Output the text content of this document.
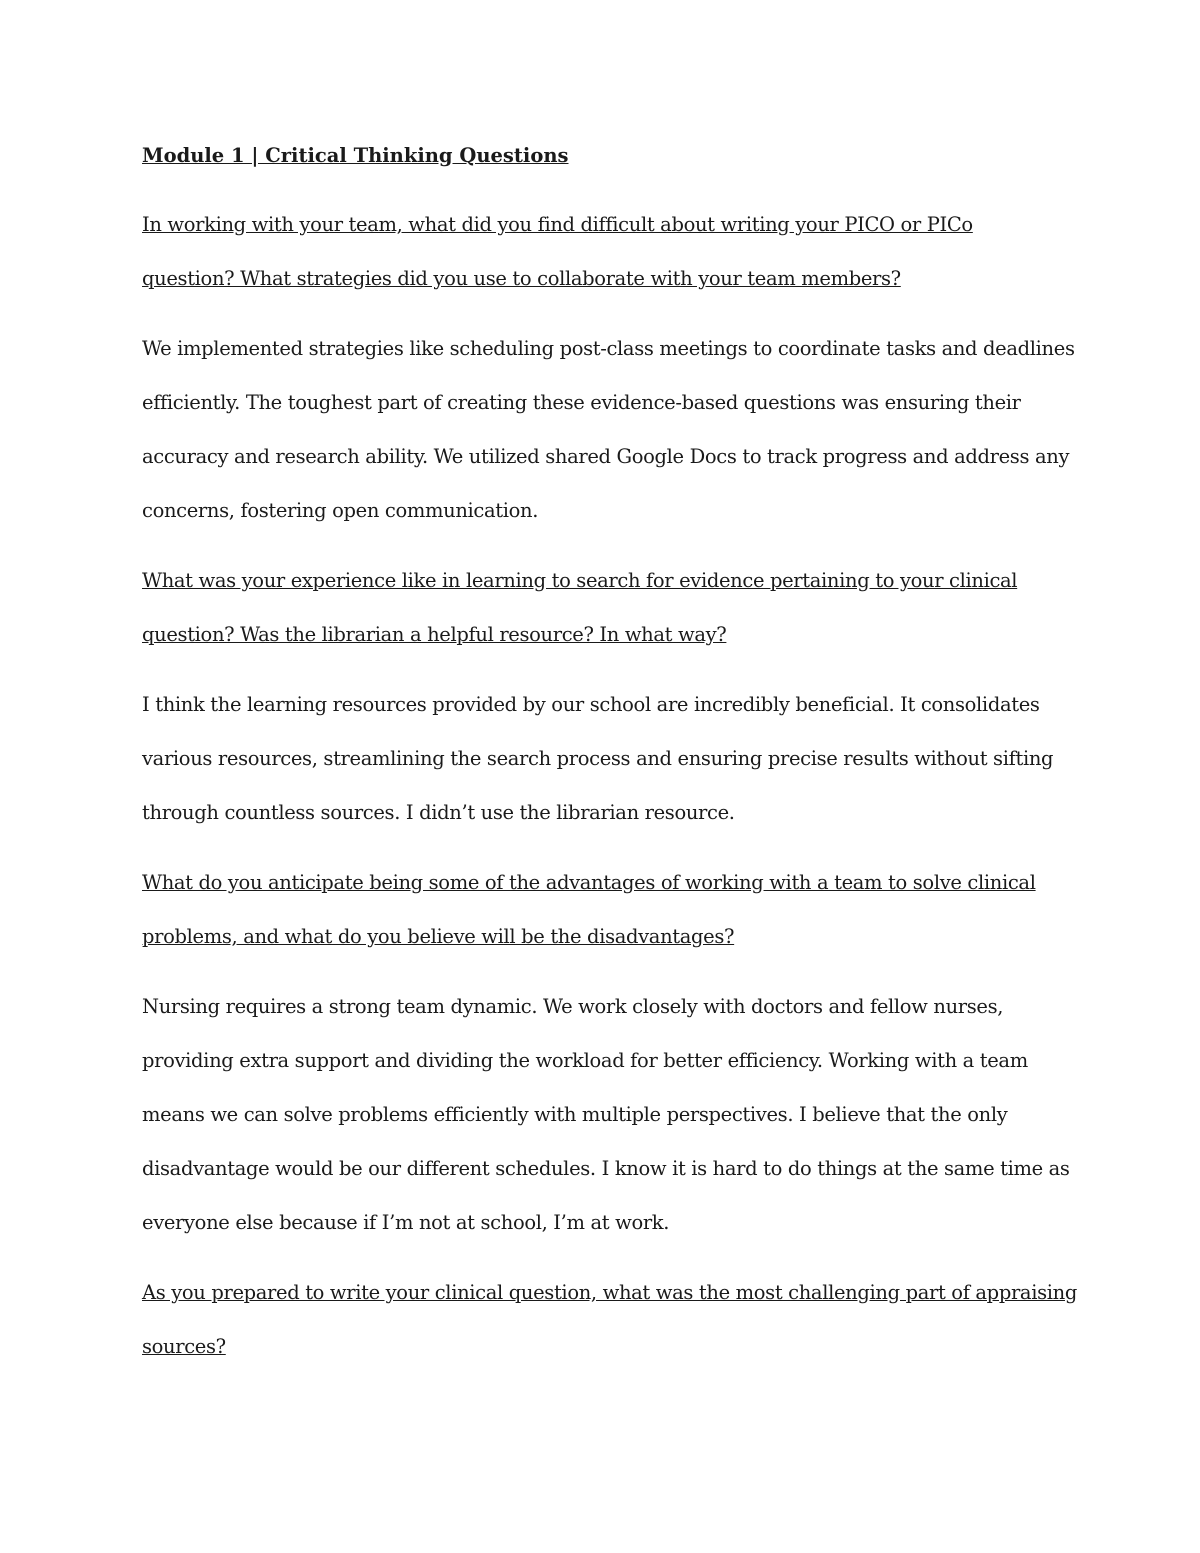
Module 1 | Critical Thinking Questions

In working with your team, what did you find difficult about writing your PICO or PICo
question? What strategies did you use to collaborate with your team members?

We implemented strategies like scheduling post-class meetings to coordinate tasks and deadlines
efficiently. The toughest part of creating these evidence-based questions was ensuring their
accuracy and research ability. We utilized shared Google Docs to track progress and address any
concerns, fostering open communication.

What was your experience like in learning to search for evidence pertaining to your clinical
question? Was the librarian a helpful resource? In what way?

I think the learning resources provided by our school are incredibly beneficial. It consolidates
various resources, streamlining the search process and ensuring precise results without sifting
through countless sources. I didn’t use the librarian resource.

What do you anticipate being some of the advantages of working with a team to solve clinical
problems, and what do you believe will be the disadvantages?

Nursing requires a strong team dynamic. We work closely with doctors and fellow nurses,
providing extra support and dividing the workload for better efficiency. Working with a team
means we can solve problems efficiently with multiple perspectives. I believe that the only
disadvantage would be our different schedules. I know it is hard to do things at the same time as
everyone else because if I’m not at school, I’m at work.

As you prepared to write your clinical question, what was the most challenging part of appraising
sources?
